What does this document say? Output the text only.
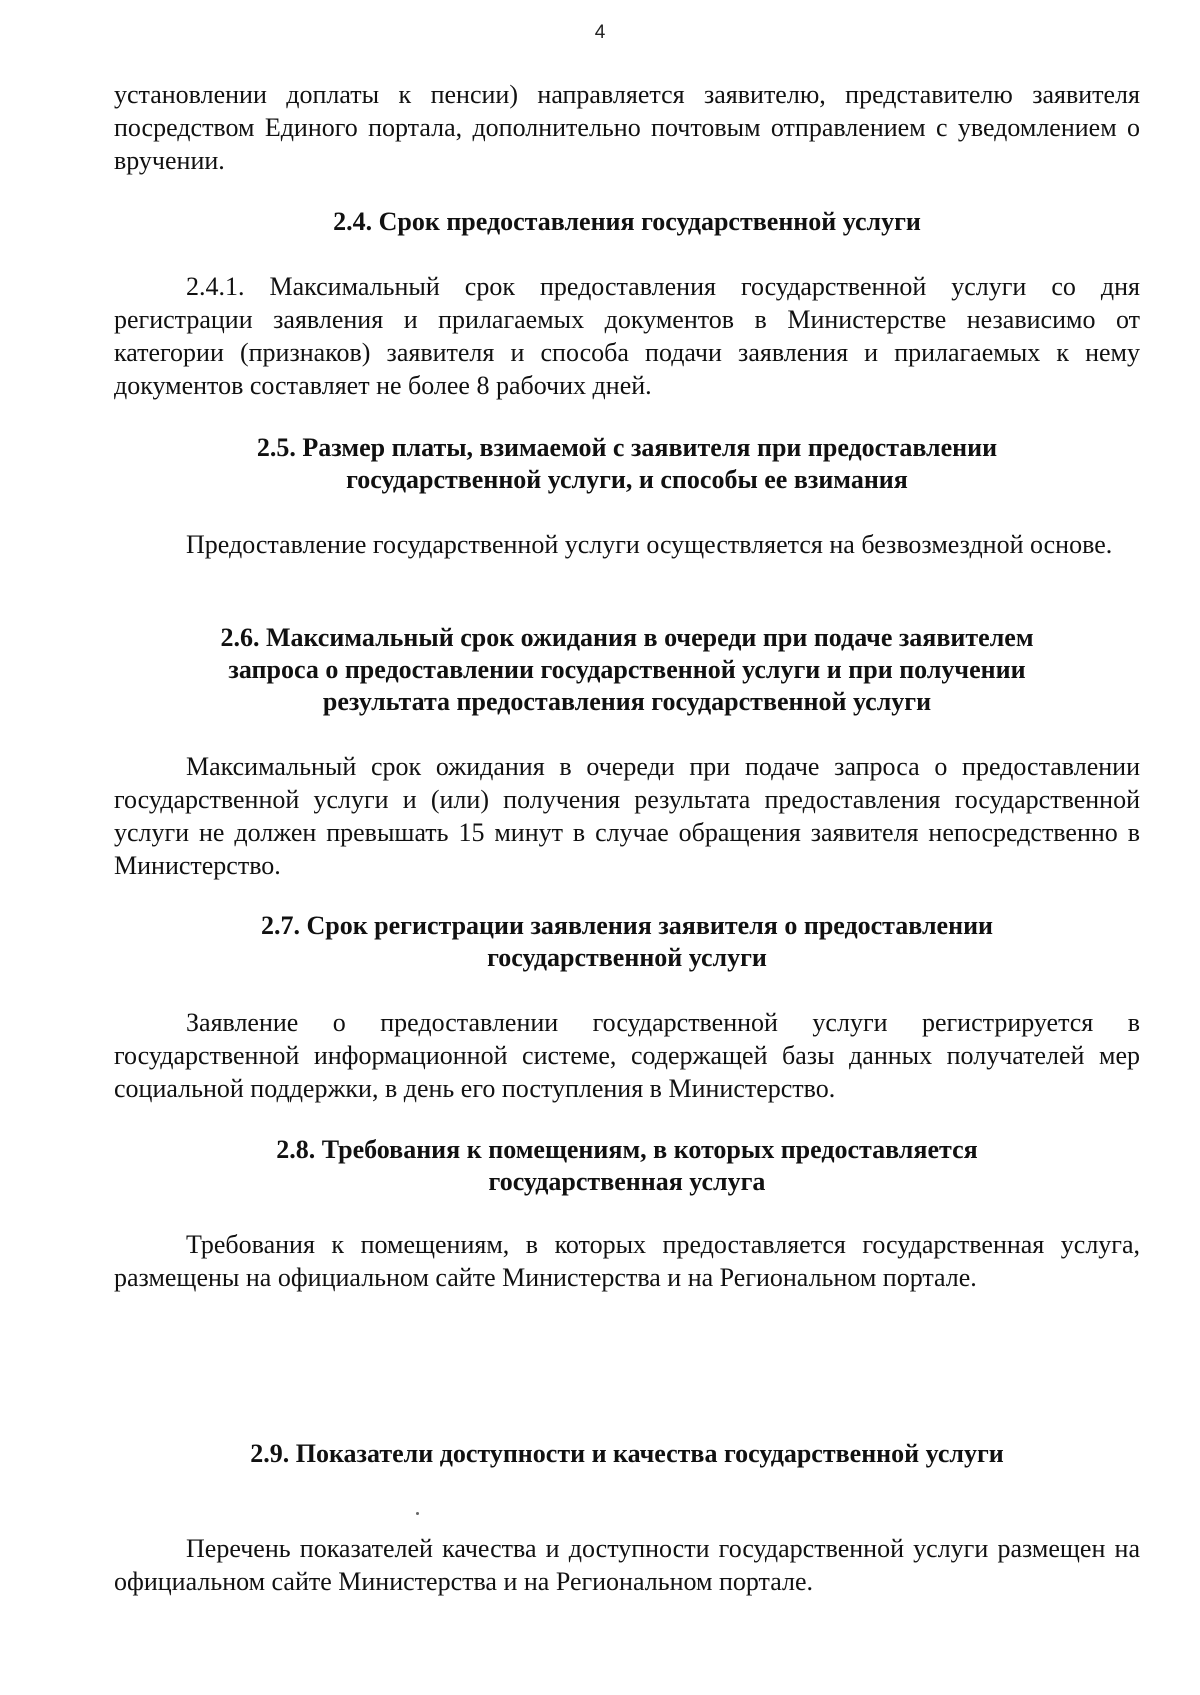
4

установлении доплаты к пенсии) направляется заявителю, представителю заявителя посредством Единого портала, дополнительно почтовым отправлением с уведомлением о вручении.

2.4. Срок предоставления государственной услуги

2.4.1. Максимальный срок предоставления государственной услуги со дня регистрации заявления и прилагаемых документов в Министерстве независимо от категории (признаков) заявителя и способа подачи заявления и прилагаемых к нему документов составляет не более 8 рабочих дней.

2.5. Размер платы, взимаемой с заявителя при предоставлении
государственной услуги, и способы ее взимания

Предоставление государственной услуги осуществляется на безвозмездной основе.

2.6. Максимальный срок ожидания в очереди при подаче заявителем
запроса о предоставлении государственной услуги и при получении
результата предоставления государственной услуги

Максимальный срок ожидания в очереди при подаче запроса о предоставлении государственной услуги и (или) получения результата предоставления государственной услуги не должен превышать 15 минут в случае обращения заявителя непосредственно в Министерство.

2.7. Срок регистрации заявления заявителя о предоставлении
государственной услуги

Заявление о предоставлении государственной услуги регистрируется в государственной информационной системе, содержащей базы данных получателей мер социальной поддержки, в день его поступления в Министерство.

2.8. Требования к помещениям, в которых предоставляется
государственная услуга

Требования к помещениям, в которых предоставляется государственная услуга, размещены на официальном сайте Министерства и на Региональном портале.

2.9. Показатели доступности и качества государственной услуги

Перечень показателей качества и доступности государственной услуги размещен на официальном сайте Министерства и на Региональном портале.
